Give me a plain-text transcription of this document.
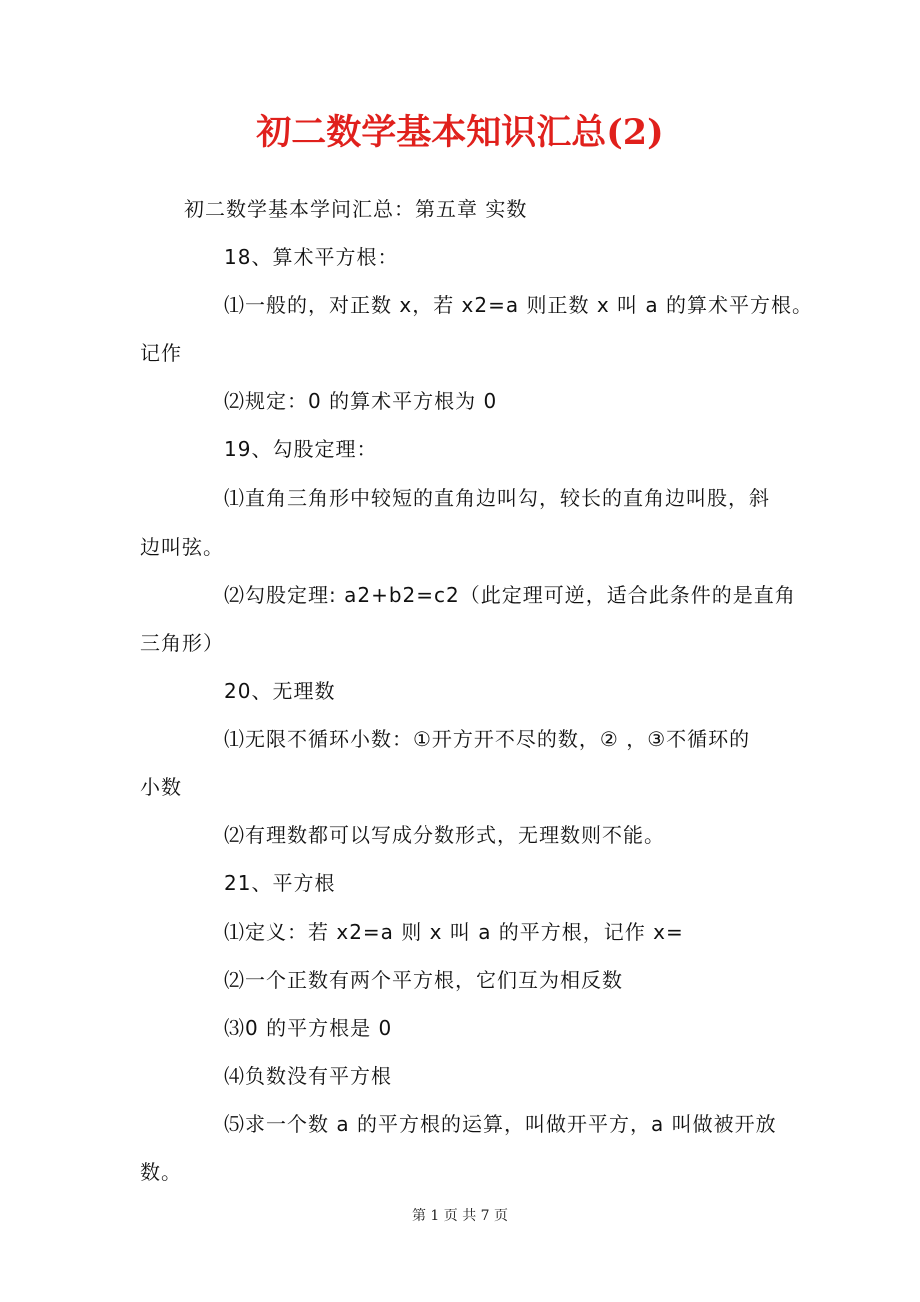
初二数学基本知识汇总(2)

初二数学基本学问汇总：第五章 实数

18、算术平方根：

⑴一般的，对正数 x，若 x2=a 则正数 x 叫 a 的算术平方根。

记作

⑵规定：0 的算术平方根为 0

19、勾股定理：

⑴直角三角形中较短的直角边叫勾，较长的直角边叫股，斜

边叫弦。

⑵勾股定理: a2+b2=c2（此定理可逆，适合此条件的是直角

三角形）

20、无理数

⑴无限不循环小数：①开方开不尽的数，② ，③不循环的

小数

⑵有理数都可以写成分数形式，无理数则不能。

21、平方根

⑴定义：若 x2=a 则 x 叫 a 的平方根，记作 x=

⑵一个正数有两个平方根，它们互为相反数

⑶0 的平方根是 0

⑷负数没有平方根

⑸求一个数 a 的平方根的运算，叫做开平方，a 叫做被开放

数。

第 1 页 共 7 页
